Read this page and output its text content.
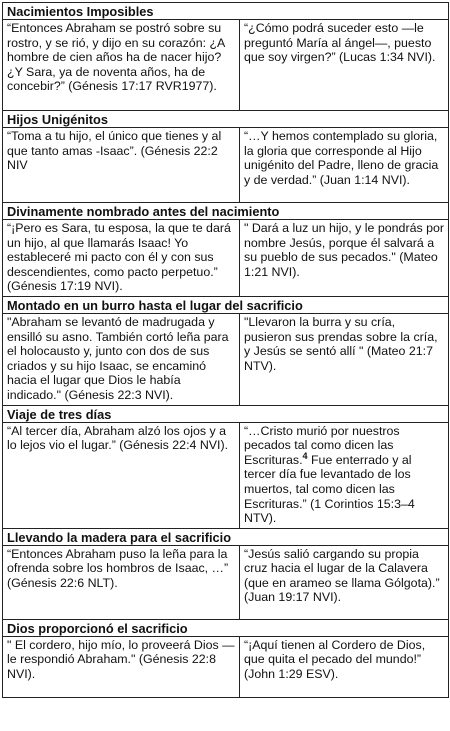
Nacimientos Imposibles	
“Entonces Abraham se postró sobre su rostro, y se rió, y dijo en su corazón: ¿A hombre de cien años ha de nacer hijo? ¿Y Sara, ya de noventa años, ha de concebir?” (Génesis 17:17 RVR1977).	“¿Cómo podrá suceder esto —le preguntó María al ángel—, puesto que soy virgen?” (Lucas 1:34 NVI).
Hijos Unigénitos	
“Toma a tu hijo, el único que tienes y al que tanto amas -Isaac”. (Génesis 22:2 NIV	“…Y hemos contemplado su gloria, la gloria que corresponde al Hijo unigénito del Padre, lleno de gracia y de verdad.” (Juan 1:14 NVI).
Divinamente nombrado antes del nacimiento	
“¡Pero es Sara, tu esposa, la que te dará un hijo, al que llamarás Isaac! Yo estableceré mi pacto con él y con sus descendientes, como pacto perpetuo.” (Génesis 17:19 NVI).	" Dará a luz un hijo, y le pondrás por nombre Jesús, porque él salvará a su pueblo de sus pecados." (Mateo 1:21 NVI).
Montado en un burro hasta el lugar del sacrificio	
"Abraham se levantó de madrugada y ensilló su asno. También cortó leña para el holocausto y, junto con dos de sus criados y su hijo Isaac, se encaminó hacia el lugar que Dios le había indicado." (Génesis 22:3 NVI).	"Llevaron la burra y su cría, pusieron sus prendas sobre la cría, y Jesús se sentó allí " (Mateo 21:7 NTV).
Viaje de tres días	
“Al tercer día, Abraham alzó los ojos y a lo lejos vio el lugar.” (Génesis 22:4 NVI).	“…Cristo murió por nuestros pecados tal como dicen las Escrituras.$^4$ Fue enterrado y al tercer día fue levantado de los muertos, tal como dicen las Escrituras.” (1 Corintios 15:3–4 NTV).
Llevando la madera para el sacrificio	
“Entonces Abraham puso la leña para la ofrenda sobre los hombros de Isaac, …” (Génesis 22:6 NLT).	“Jesús salió cargando su propia cruz hacia el lugar de la Calavera (que en arameo se llama Gólgota).” (Juan 19:17 NVI).
Dios proporcionó el sacrificio	
" El cordero, hijo mío, lo proveerá Dios —le respondió Abraham." (Génesis 22:8 NVI).	“¡Aquí tienen al Cordero de Dios, que quita el pecado del mundo!” (John 1:29 ESV).
